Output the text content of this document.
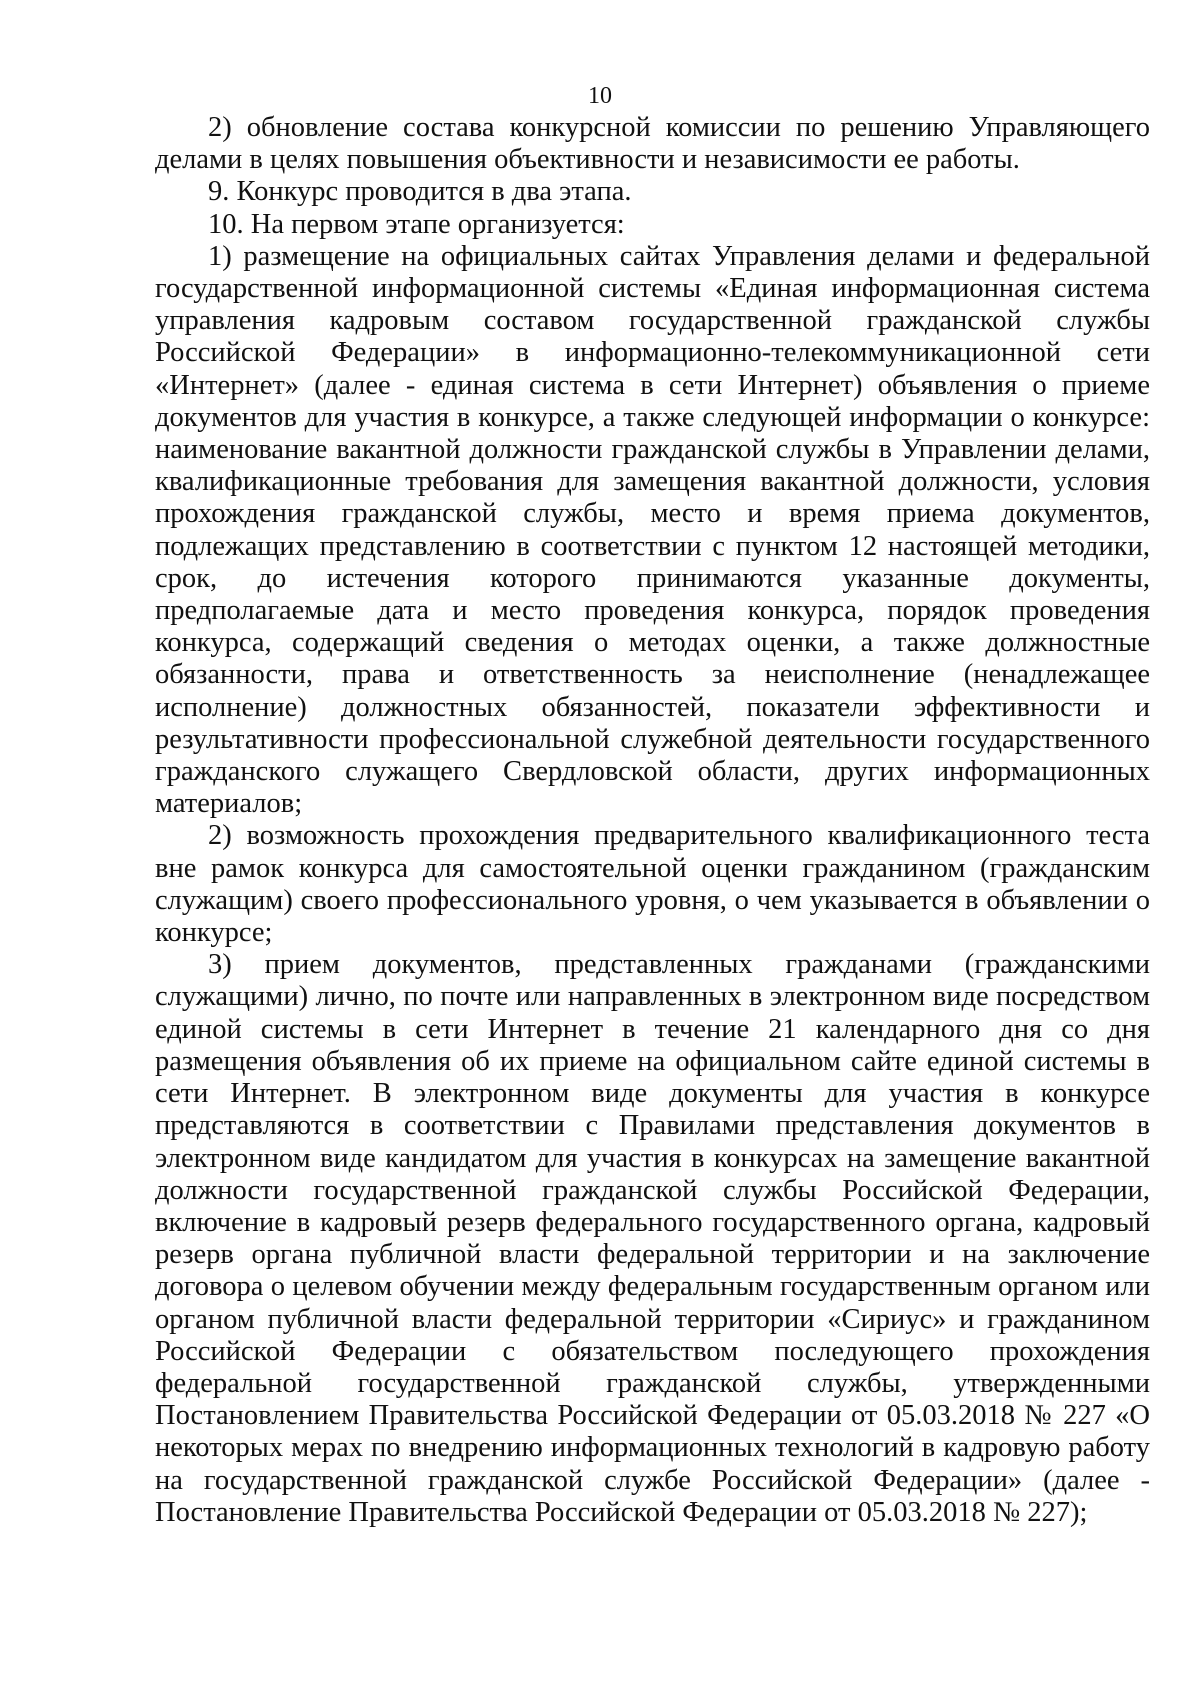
10

2) обновление состава конкурсной комиссии по решению Управляющего делами в целях повышения объективности и независимости ее работы.

9. Конкурс проводится в два этапа.

10. На первом этапе организуется:

1) размещение на официальных сайтах Управления делами и федеральной государственной информационной системы «Единая информационная система управления кадровым составом государственной гражданской службы Российской Федерации» в информационно-телекоммуникационной сети «Интернет» (далее - единая система в сети Интернет) объявления о приеме документов для участия в конкурсе, а также следующей информации о конкурсе: наименование вакантной должности гражданской службы в Управлении делами, квалификационные требования для замещения вакантной должности, условия прохождения гражданской службы, место и время приема документов, подлежащих представлению в соответствии с пунктом 12 настоящей методики, срок, до истечения которого принимаются указанные документы, предполагаемые дата и место проведения конкурса, порядок проведения конкурса, содержащий сведения о методах оценки, а также должностные обязанности, права и ответственность за неисполнение (ненадлежащее исполнение) должностных обязанностей, показатели эффективности и результативности профессиональной служебной деятельности государственного гражданского служащего Свердловской области, других информационных материалов;

2) возможность прохождения предварительного квалификационного теста вне рамок конкурса для самостоятельной оценки гражданином (гражданским служащим) своего профессионального уровня, о чем указывается в объявлении о конкурсе;

3) прием документов, представленных гражданами (гражданскими служащими) лично, по почте или направленных в электронном виде посредством единой системы в сети Интернет в течение 21 календарного дня со дня размещения объявления об их приеме на официальном сайте единой системы в сети Интернет. В электронном виде документы для участия в конкурсе представляются в соответствии с Правилами представления документов в электронном виде кандидатом для участия в конкурсах на замещение вакантной должности государственной гражданской службы Российской Федерации, включение в кадровый резерв федерального государственного органа, кадровый резерв органа публичной власти федеральной территории и на заключение договора о целевом обучении между федеральным государственным органом или органом публичной власти федеральной территории «Сириус» и гражданином Российской Федерации с обязательством последующего прохождения федеральной государственной гражданской службы, утвержденными Постановлением Правительства Российской Федерации от 05.03.2018 № 227 «О некоторых мерах по внедрению информационных технологий в кадровую работу на государственной гражданской службе Российской Федерации» (далее - Постановление Правительства Российской Федерации от 05.03.2018 № 227);
